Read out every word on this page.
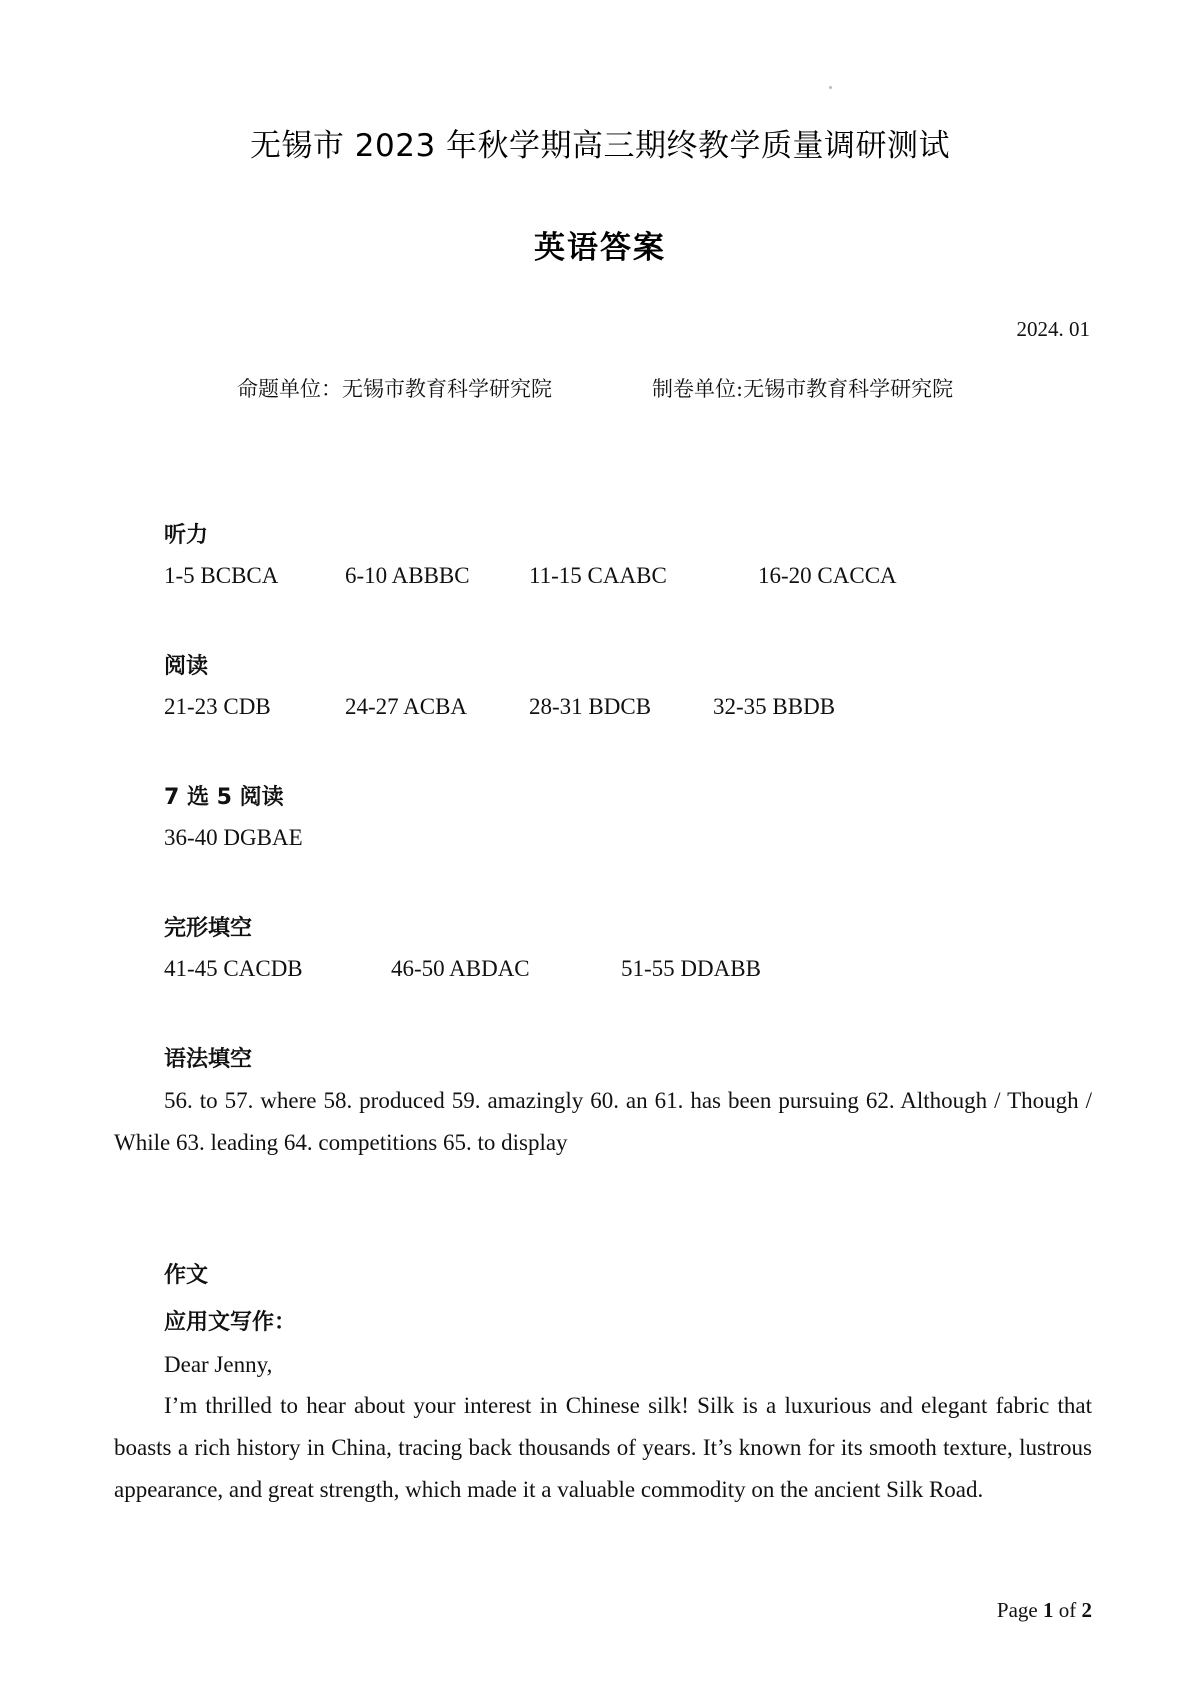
无锡市 2023 年秋学期高三期终教学质量调研测试
英语答案
2024. 01
命题单位：无锡市教育科学研究院	制卷单位:无锡市教育科学研究院
听力
1-5 BCBCA	6-10 ABBBC	11-15 CAABC	16-20 CACCA
阅读
21-23 CDB	24-27 ACBA	28-31 BDCB	32-35 BBDB
7 选 5 阅读
36-40 DGBAE
完形填空
41-45 CACDB	46-50 ABDAC	51-55 DDABB
语法填空
56. to 57. where 58. produced 59. amazingly 60. an 61. has been pursuing 62. Although / Though / While 63. leading 64. competitions 65. to display
作文
应用文写作：
Dear Jenny,
I’m thrilled to hear about your interest in Chinese silk! Silk is a luxurious and elegant fabric that boasts a rich history in China, tracing back thousands of years. It’s known for its smooth texture, lustrous appearance, and great strength, which made it a valuable commodity on the ancient Silk Road.
Page 1 of 2
